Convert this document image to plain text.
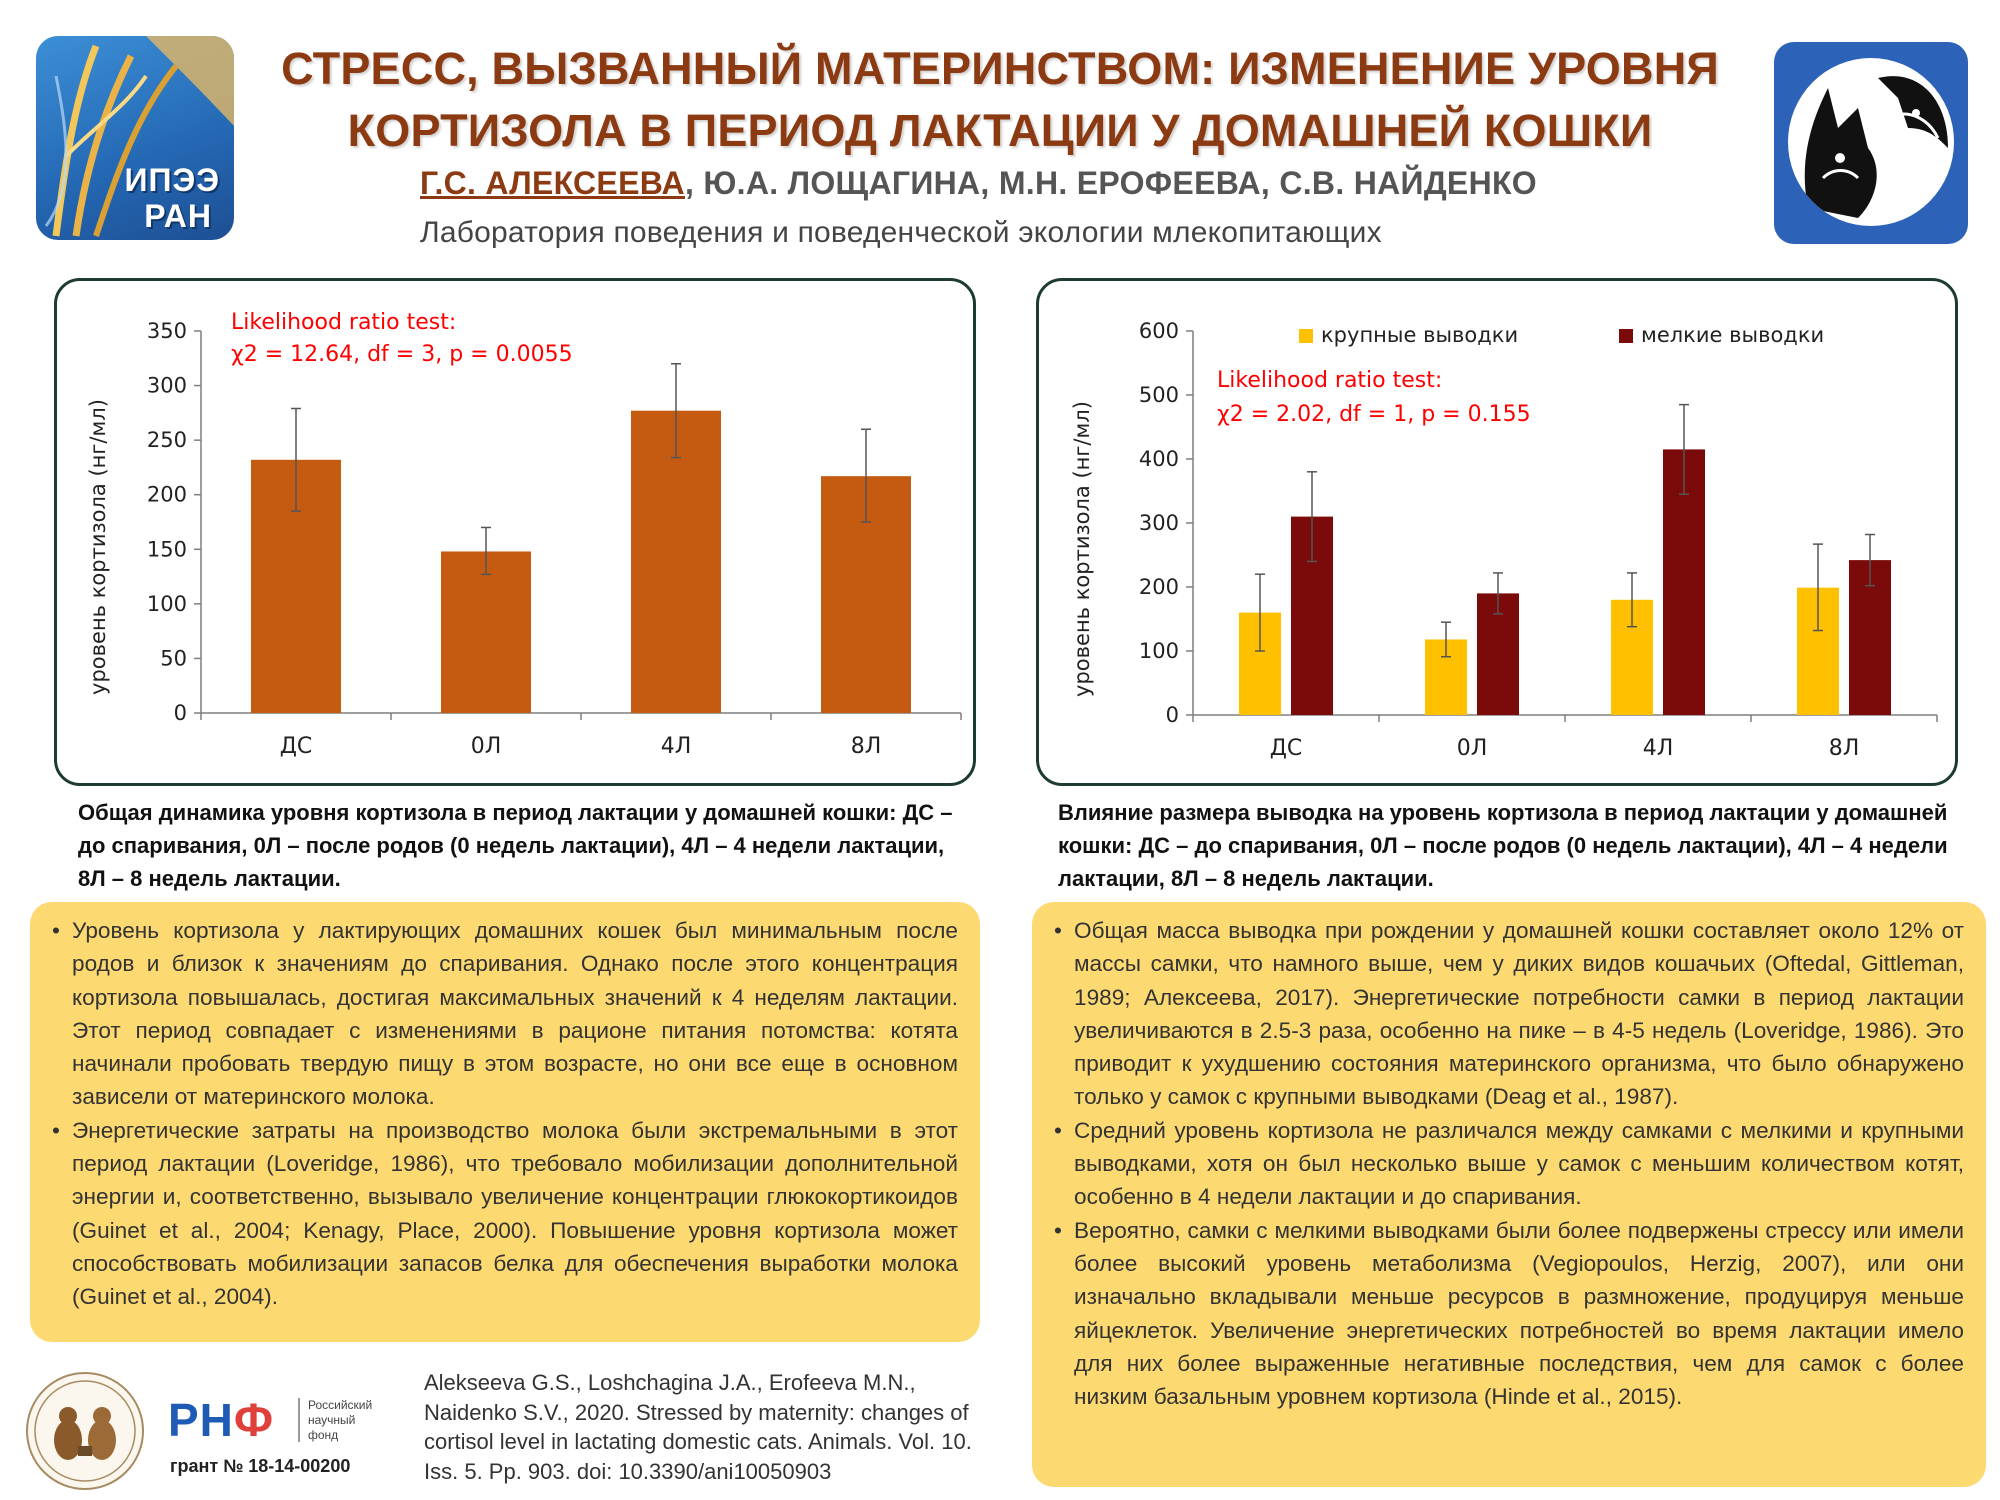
ИПЭЭ
РАН
СТРЕСС, ВЫЗВАННЫЙ МАТЕРИНСТВОМ: ИЗМЕНЕНИЕ УРОВНЯ
КОРТИЗОЛА В ПЕРИОД ЛАКТАЦИИ У ДОМАШНЕЙ КОШКИ
Г.С. АЛЕКСЕЕВА, Ю.А. ЛОЩАГИНА, М.Н. ЕРОФЕЕВА, С.В. НАЙДЕНКО
Лаборатория поведения и поведенческой экологии млекопитающих
0
50
100
150
200
250
300
350
ДС	0Л	4Л	8Л
уровень кортизола (нг/мл)
Likelihood ratio test:
χ2 = 12.64, df = 3, p = 0.0055
Общая динамика уровня кортизола в период лактации у домашней кошки: ДС – до спаривания, 0Л – после родов (0 недель лактации), 4Л – 4 недели лактации, 8Л – 8 недель лактации.
0
100
200
300
400
500
600
ДС	0Л	4Л	8Л
уровень кортизола (нг/мл)
крупные выводки	мелкие выводки
Likelihood ratio test:
χ2 = 2.02, df = 1, p = 0.155
Влияние размера выводка на уровень кортизола в период лактации у домашней кошки: ДС – до спаривания, 0Л – после родов (0 недель лактации), 4Л – 4 недели лактации, 8Л – 8 недель лактации.
• Уровень кортизола у лактирующих домашних кошек был минимальным после родов и близок к значениям до спаривания. Однако после этого концентрация кортизола повышалась, достигая максимальных значений к 4 неделям лактации. Этот период совпадает с изменениями в рационе питания потомства: котята начинали пробовать твердую пищу в этом возрасте, но они все еще в основном зависели от материнского молока.
• Энергетические затраты на производство молока были экстремальными в этот период лактации (Loveridge, 1986), что требовало мобилизации дополнительной энергии и, соответственно, вызывало увеличение концентрации глюкокортикоидов (Guinet et al., 2004; Kenagy, Place, 2000). Повышение уровня кортизола может способствовать мобилизации запасов белка для обеспечения выработки молока (Guinet et al., 2004).
• Общая масса выводка при рождении у домашней кошки составляет около 12% от массы самки, что намного выше, чем у диких видов кошачьих (Oftedal, Gittleman, 1989; Алексеева, 2017). Энергетические потребности самки в период лактации увеличиваются в 2.5-3 раза, особенно на пике – в 4-5 недель (Loveridge, 1986). Это приводит к ухудшению состояния материнского организма, что было обнаружено только у самок с крупными выводками (Deag et al., 1987).
• Средний уровень кортизола не различался между самками с мелкими и крупными выводками, хотя он был несколько выше у самок с меньшим количеством котят, особенно в 4 недели лактации и до спаривания.
• Вероятно, самки с мелкими выводками были более подвержены стрессу или имели более высокий уровень метаболизма (Vegiopoulos, Herzig, 2007), или они изначально вкладывали меньше ресурсов в размножение, продуцируя меньше яйцеклеток. Увеличение энергетических потребностей во время лактации имело для них более выраженные негативные последствия, чем для самок с более низким базальным уровнем кортизола (Hinde et al., 2015).
РНФ	Российский
научный
фонд
грант № 18-14-00200
Alekseeva G.S., Loshchagina J.A., Erofeeva M.N., Naidenko S.V., 2020. Stressed by maternity: changes of cortisol level in lactating domestic cats. Animals. Vol. 10. Iss. 5. Pp. 903. doi: 10.3390/ani10050903
